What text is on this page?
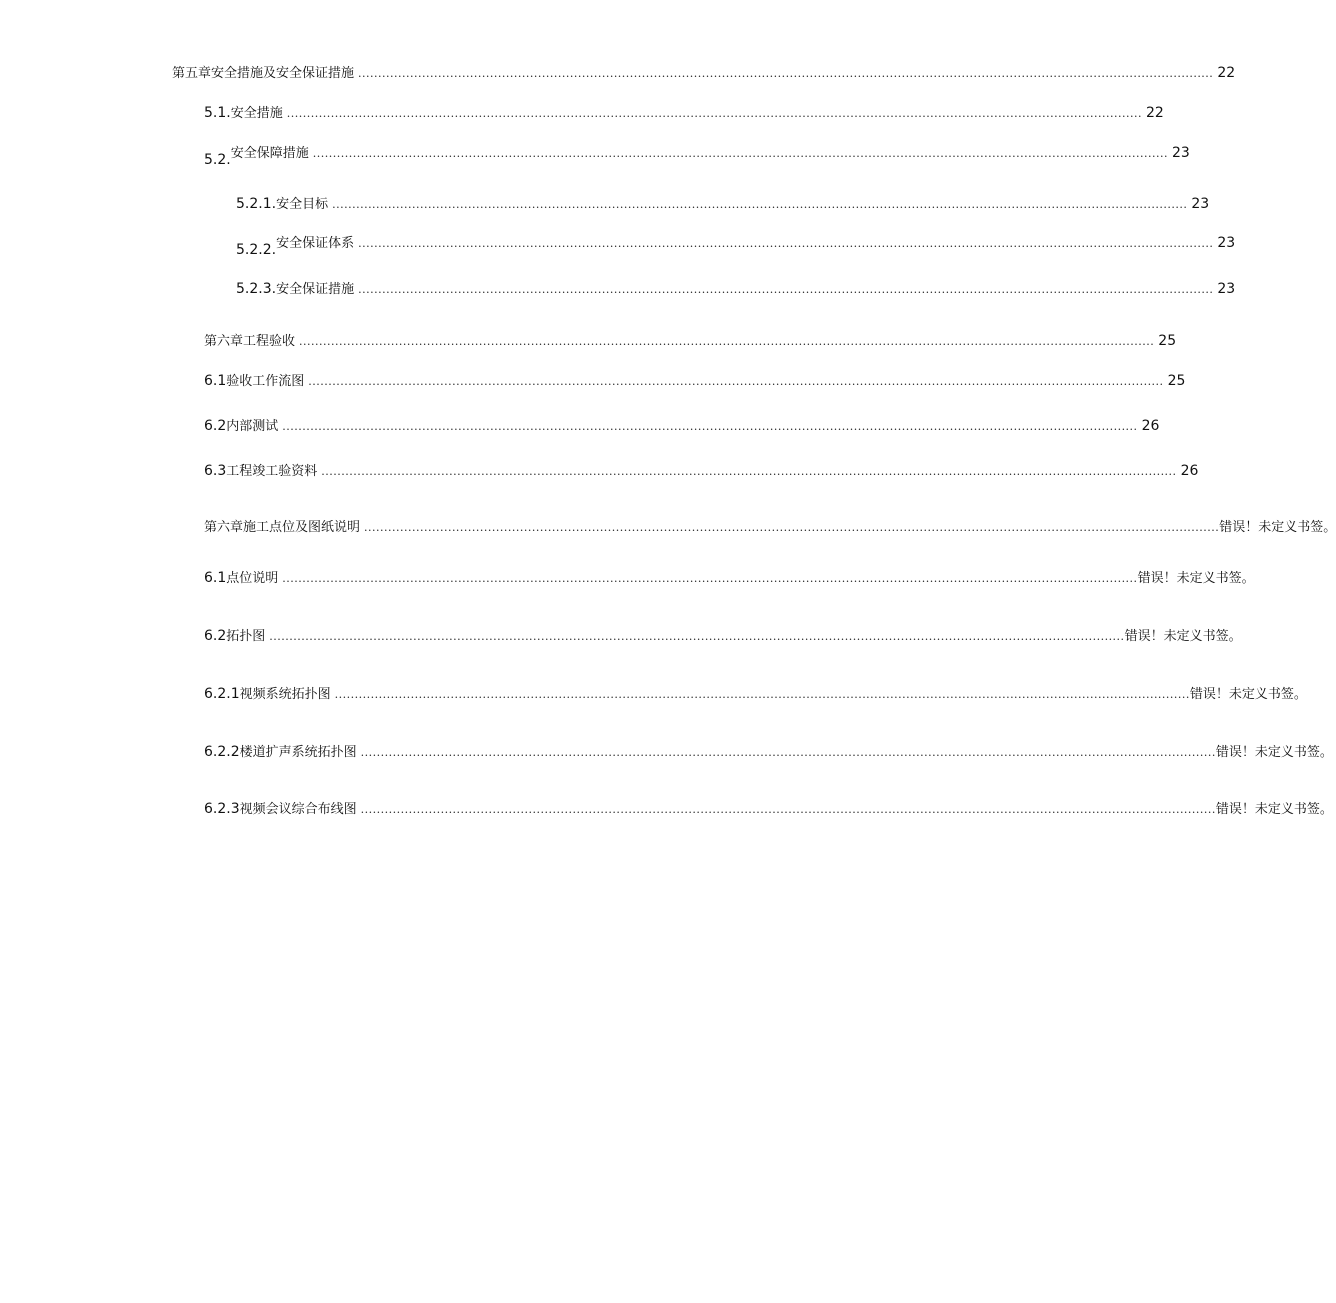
第五章 安全措施及安全保证措施 ...................................................................................................................................................................................................................... 22
5.1. 安全措施 ...................................................................................................................................................................................................................... 22
5.2. 安全保障措施 ...................................................................................................................................................................................................................... 23
5.2.1. 安全目标 ...................................................................................................................................................................................................................... 23
5.2.2. 安全保证体系 ...................................................................................................................................................................................................................... 23
5.2.3. 安全保证措施 ...................................................................................................................................................................................................................... 23
第六章工程验收 ...................................................................................................................................................................................................................... 25
6.1 验收工作流图 ...................................................................................................................................................................................................................... 25
6.2 内部测试 ...................................................................................................................................................................................................................... 26
6.3 工程竣工验资料 ...................................................................................................................................................................................................................... 26
第六章施工点位及图纸说明 ...................................................................................................................................................................................................................... 错误！未定义书签。
6.1 点位说明 ...................................................................................................................................................................................................................... 错误！未定义书签。
6.2 拓扑图 ...................................................................................................................................................................................................................... 错误！未定义书签。
6.2.1 视频系统拓扑图 ...................................................................................................................................................................................................................... 错误！未定义书签。
6.2.2 楼道扩声系统拓扑图 ...................................................................................................................................................................................................................... 错误！未定义书签。
6.2.3 视频会议综合布线图 ...................................................................................................................................................................................................................... 错误！未定义书签。
